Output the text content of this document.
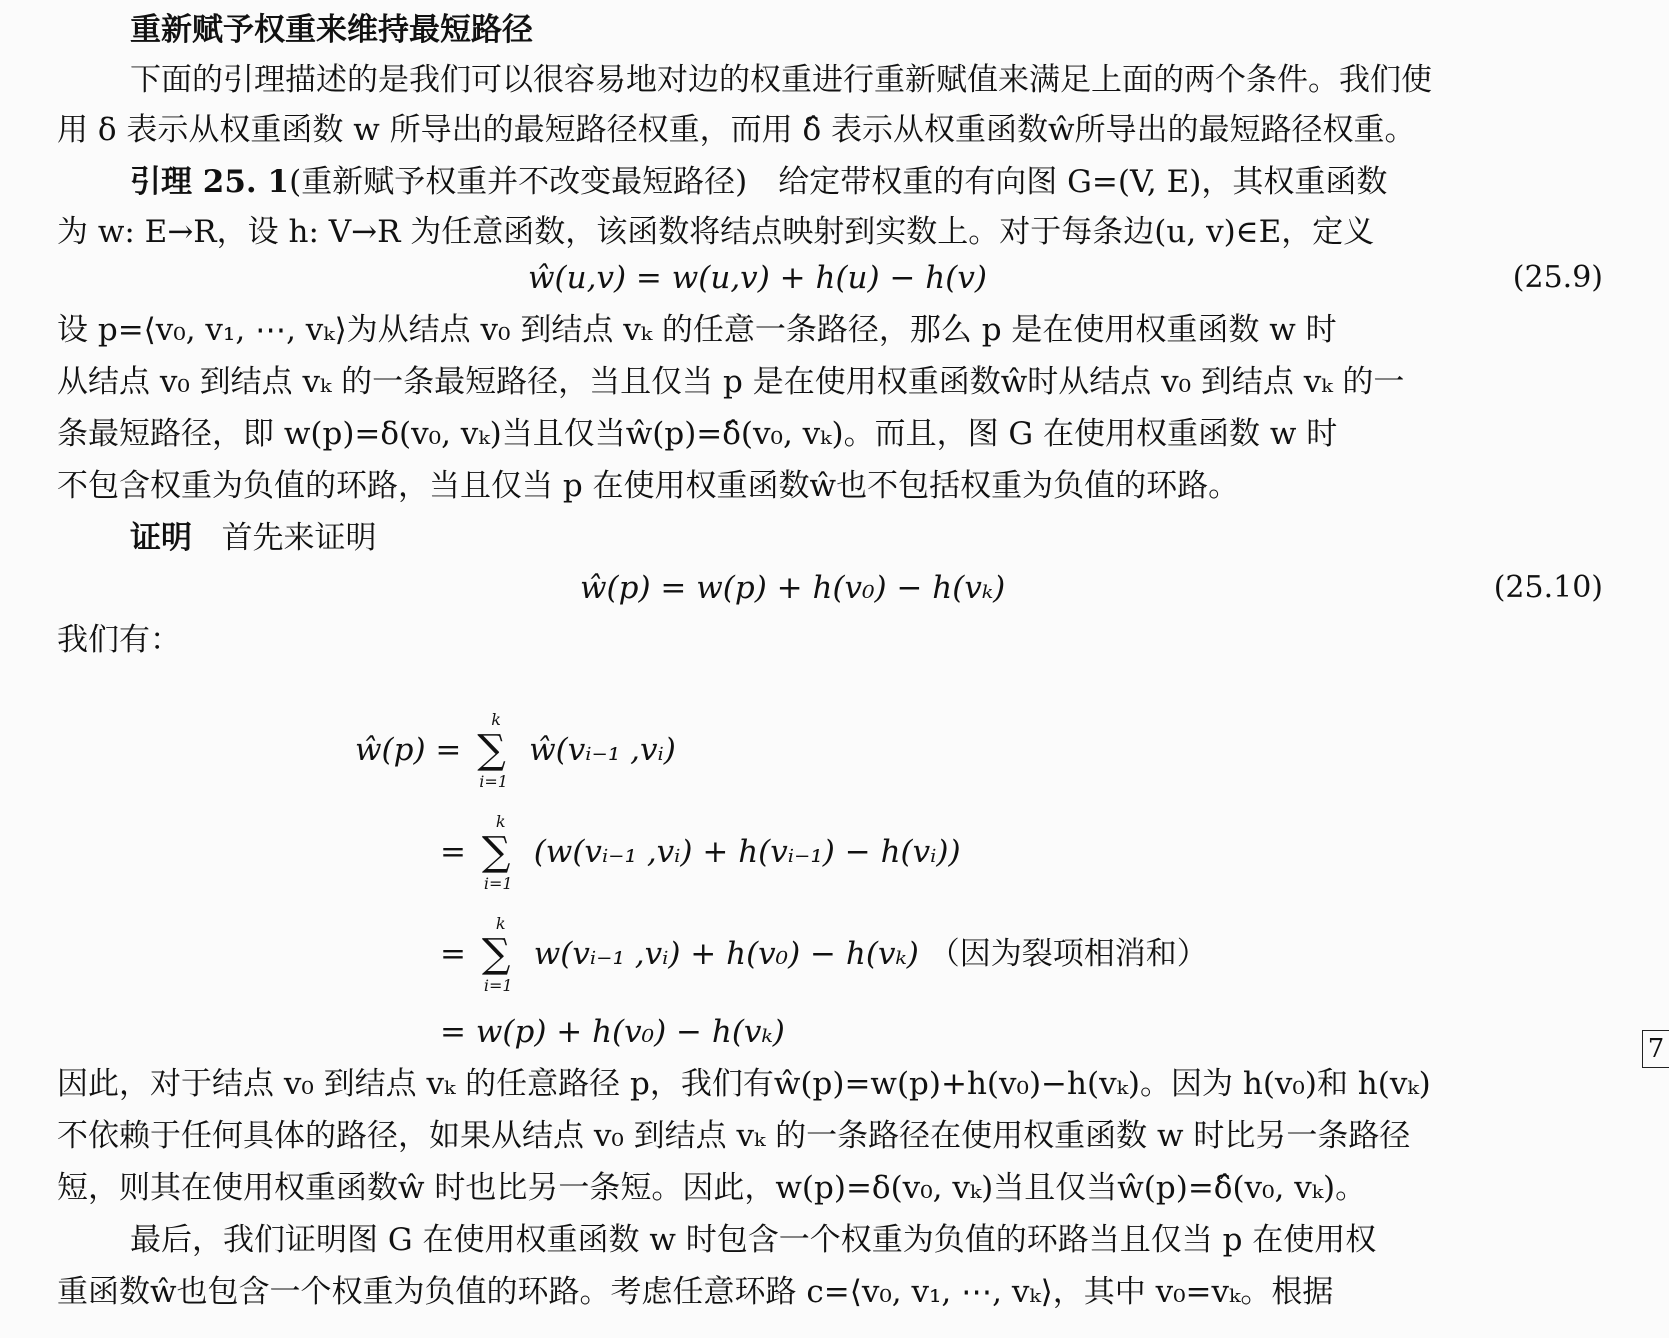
重新赋予权重来维持最短路径
下面的引理描述的是我们可以很容易地对边的权重进行重新赋值来满足上面的两个条件。我们使
用 δ 表示从权重函数 w 所导出的最短路径权重，而用 δ̂ 表示从权重函数ŵ所导出的最短路径权重。
引理 25. 1(重新赋予权重并不改变最短路径)　给定带权重的有向图 G=(V, E)，其权重函数
为 w: E→R，设 h: V→R 为任意函数，该函数将结点映射到实数上。对于每条边(u, v)∈E，定义
ŵ(u,v) = w(u,v) + h(u) − h(v)	(25.9)
设 p=⟨v₀, v₁, ⋯, vₖ⟩为从结点 v₀ 到结点 vₖ 的任意一条路径，那么 p 是在使用权重函数 w 时
从结点 v₀ 到结点 vₖ 的一条最短路径，当且仅当 p 是在使用权重函数ŵ时从结点 v₀ 到结点 vₖ 的一
条最短路径，即 w(p)=δ(v₀, vₖ)当且仅当ŵ(p)=δ̂(v₀, vₖ)。而且，图 G 在使用权重函数 w 时
不包含权重为负值的环路，当且仅当 p 在使用权重函数ŵ也不包括权重为负值的环路。
证明 首先来证明
ŵ(p) = w(p) + h(v₀) − h(vₖ)	(25.10)
我们有：
ŵ(p) =
k
∑
i=1
ŵ(vᵢ₋₁ ,vᵢ)
=
k
∑
i=1
(w(vᵢ₋₁ ,vᵢ) + h(vᵢ₋₁) − h(vᵢ))
=
k
∑
i=1
w(vᵢ₋₁ ,vᵢ) + h(v₀) − h(vₖ) （因为裂项相消和）
= w(p) + h(v₀) − h(vₖ)
因此，对于结点 v₀ 到结点 vₖ 的任意路径 p，我们有ŵ(p)=w(p)+h(v₀)−h(vₖ)。因为 h(v₀)和 h(vₖ)
不依赖于任何具体的路径，如果从结点 v₀ 到结点 vₖ 的一条路径在使用权重函数 w 时比另一条路径
短，则其在使用权重函数ŵ 时也比另一条短。因此，w(p)=δ(v₀, vₖ)当且仅当ŵ(p)=δ̂(v₀, vₖ)。
最后，我们证明图 G 在使用权重函数 w 时包含一个权重为负值的环路当且仅当 p 在使用权
重函数ŵ也包含一个权重为负值的环路。考虑任意环路 c=⟨v₀, v₁, ⋯, vₖ⟩，其中 v₀=vₖ。根据
7
